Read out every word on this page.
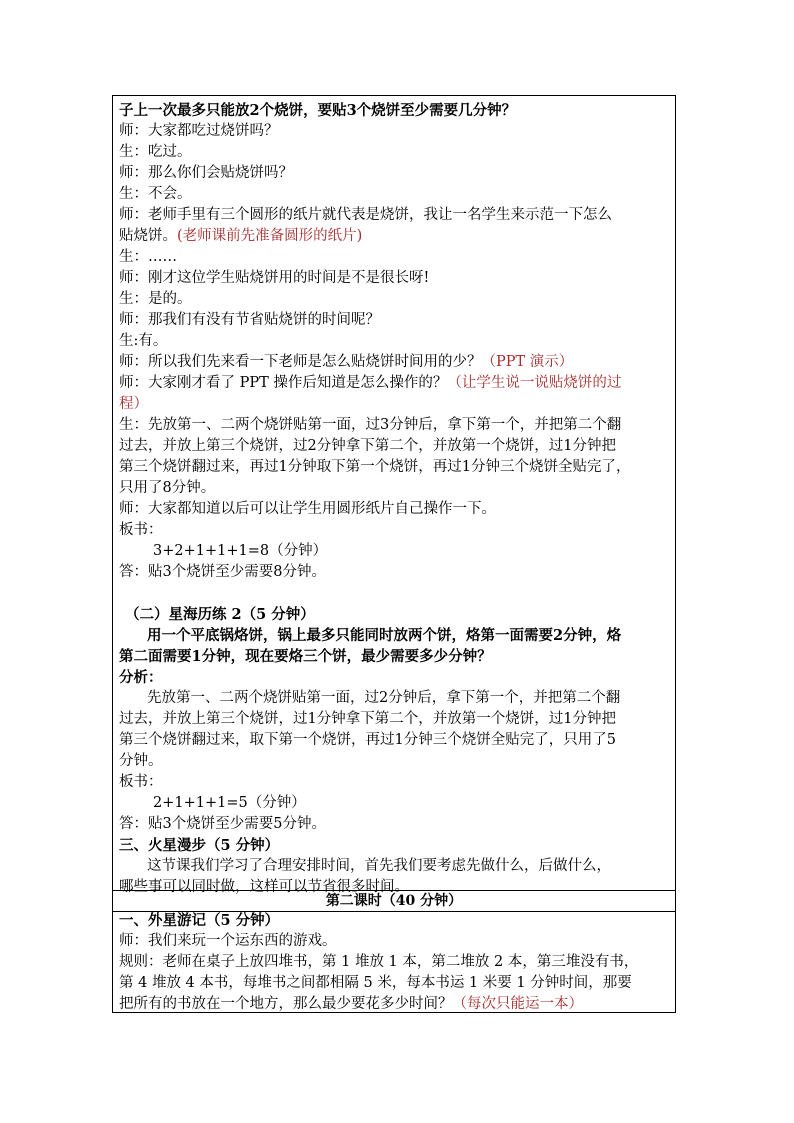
子上一次最多只能放2个烧饼，要贴3个烧饼至少需要几分钟？
师：大家都吃过烧饼吗？
生：吃过。
师：那么你们会贴烧饼吗？
生：不会。
师：老师手里有三个圆形的纸片就代表是烧饼，我让一名学生来示范一下怎么
贴烧饼。(老师课前先准备圆形的纸片)
生：……
师：刚才这位学生贴烧饼用的时间是不是很长呀!
生：是的。
师：那我们有没有节省贴烧饼的时间呢？
生:有。
师：所以我们先来看一下老师是怎么贴烧饼时间用的少？（PPT 演示）
师：大家刚才看了 PPT 操作后知道是怎么操作的？（让学生说一说贴烧饼的过
程）
生：先放第一、二两个烧饼贴第一面，过3分钟后，拿下第一个，并把第二个翻
过去，并放上第三个烧饼，过2分钟拿下第二个，并放第一个烧饼，过1分钟把
第三个烧饼翻过来，再过1分钟取下第一个烧饼，再过1分钟三个烧饼全贴完了，
只用了8分钟。
师：大家都知道以后可以让学生用圆形纸片自己操作一下。
板书：
3+2+1+1+1=8（分钟）
答：贴3个烧饼至少需要8分钟。
（二）星海历练 2（5 分钟）
用一个平底锅烙饼，锅上最多只能同时放两个饼，烙第一面需要2分钟，烙
第二面需要1分钟，现在要烙三个饼，最少需要多少分钟？
分析：
先放第一、二两个烧饼贴第一面，过2分钟后，拿下第一个，并把第二个翻
过去，并放上第三个烧饼，过1分钟拿下第二个，并放第一个烧饼，过1分钟把
第三个烧饼翻过来，取下第一个烧饼，再过1分钟三个烧饼全贴完了，只用了5
分钟。
板书：
2+1+1+1=5（分钟）
答：贴3个烧饼至少需要5分钟。
三、火星漫步（5 分钟）
这节课我们学习了合理安排时间，首先我们要考虑先做什么，后做什么，
哪些事可以同时做，这样可以节省很多时间。
第二课时（40 分钟）
一、外星游记（5 分钟）
师：我们来玩一个运东西的游戏。
规则：老师在桌子上放四堆书，第 1 堆放 1 本，第二堆放 2 本，第三堆没有书，
第 4 堆放 4 本书，每堆书之间都相隔 5 米，每本书运 1 米要 1 分钟时间，那要
把所有的书放在一个地方，那么最少要花多少时间？（每次只能运一本）
